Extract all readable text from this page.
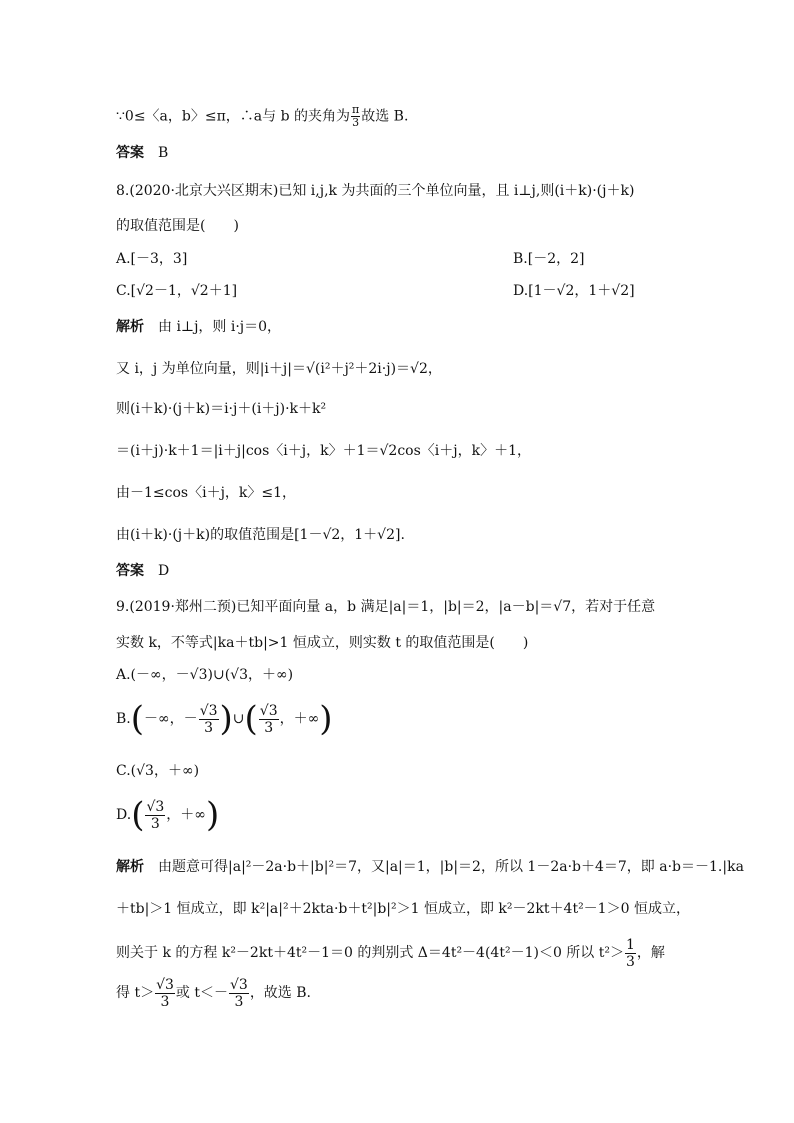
∵0≤〈a，b〉≤π，∴a与 b 的夹角为 $\frac{\pi}{3}$ 故选 B.
答案 B
8.(2020·北京大兴区期末)已知 i,j,k 为共面的三个单位向量，且 i⊥j,则(i＋k)·(j＋k)
的取值范围是(　　)
A.[－3，3]	B.[－2，2]
C.[√2－1，√2＋1]	D.[1－√2，1＋√2]
解析 由 i⊥j，则 i·j＝0，
又 i，j 为单位向量，则|i＋j|＝√(i²＋j²＋2i·j)＝√2，
则(i＋k)·(j＋k)＝i·j＋(i＋j)·k＋k²
＝(i＋j)·k＋1＝|i＋j|cos〈i＋j，k〉＋1＝√2cos〈i＋j，k〉＋1，
由－1≤cos〈i＋j，k〉≤1，
由(i＋k)·(j＋k)的取值范围是[1－√2，1＋√2].
答案 D
9.(2019·郑州二预)已知平面向量 a，b 满足|a|＝1，|b|＝2，|a－b|＝√7，若对于任意
实数 k，不等式|ka＋tb|>1 恒成立，则实数 t 的取值范围是(　　)
A.(－∞，－√3)∪(√3，＋∞)
B.(－∞，－ $\frac{√3}{3}$ )∪( $\frac{√3}{3}$ ，＋∞)
C.(√3，＋∞)
$D.( \frac{√3}{3}$ ，＋∞)
解析 由题意可得|a|²－2a·b＋|b|²＝7，又|a|＝1，|b|＝2，所以 1－2a·b＋4＝7，即 a·b＝－1.|ka
＋tb|＞1 恒成立，即 k²|a|²＋2kta·b＋t²|b|²＞1 恒成立，即 k²－2kt＋4t²－1＞0 恒成立，
则关于 k 的方程 k²－2kt＋4t²－1＝0 的判别式 Δ＝4t²－4(4t²－1)＜0 所以 $t^2> \frac{1}{3}$ ，解
得 $t> \frac{√3}{3}$ 或 $t<- \frac{√3}{3}$ ，故选 B.
